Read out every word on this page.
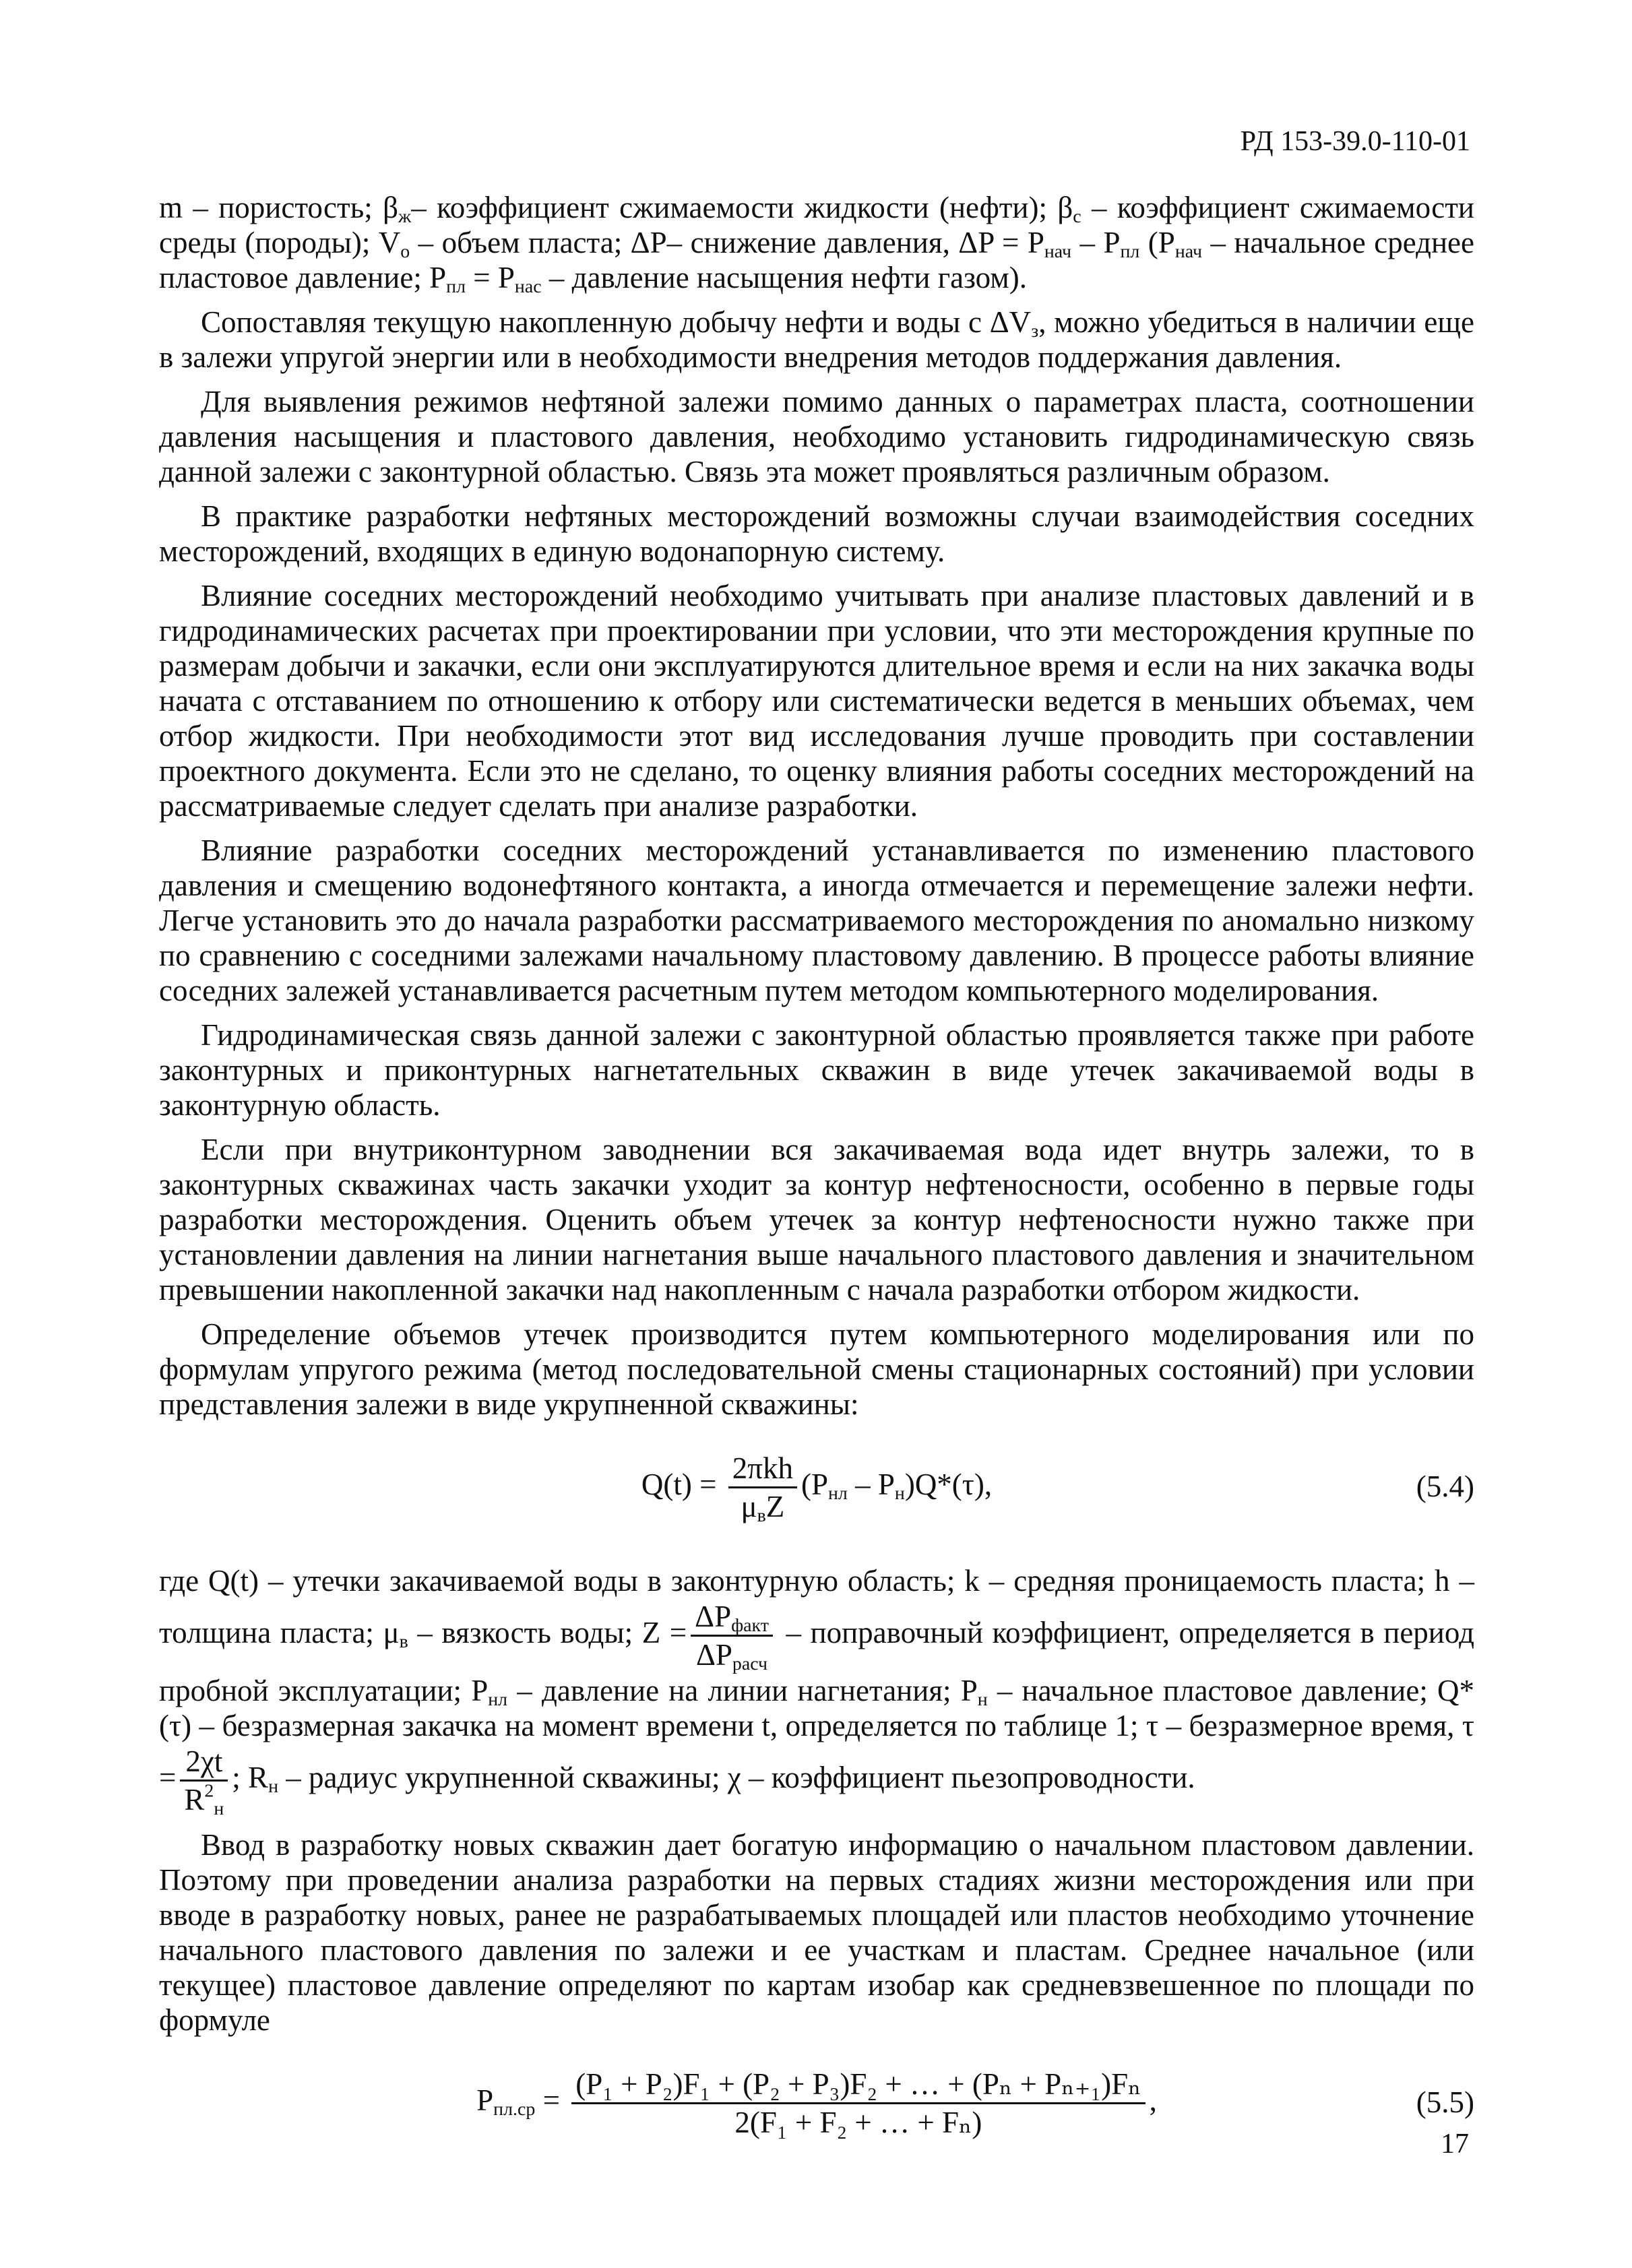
РД 153-39.0-110-01

m – пористость; $\beta_ж-$ коэффициент сжимаемости жидкости (нефти); $\beta_с$ – коэффициент сжимаемости среды (породы); $V_о$ – объем пласта; ΔP– снижение давления, $\Delta P = P_{нач} - P_{пл}$ ($P_{нач}$ – начальное среднее пластовое давление; $P_{пл} = P_{нас}$ – давление насыщения нефти газом).

Сопоставляя текущую накопленную добычу нефти и воды с $\Delta V_з$, можно убедиться в наличии еще в залежи упругой энергии или в необходимости внедрения методов поддержания давления.

Для выявления режимов нефтяной залежи помимо данных о параметрах пласта, соотношении давления насыщения и пластового давления, необходимо установить гидродинамическую связь данной залежи с законтурной областью. Связь эта может проявляться различным образом.

В практике разработки нефтяных месторождений возможны случаи взаимодействия соседних месторождений, входящих в единую водонапорную систему.

Влияние соседних месторождений необходимо учитывать при анализе пластовых давлений и в гидродинамических расчетах при проектировании при условии, что эти месторождения крупные по размерам добычи и закачки, если они эксплуатируются длительное время и если на них закачка воды начата с отставанием по отношению к отбору или систематически ведется в меньших объемах, чем отбор жидкости. При необходимости этот вид исследования лучше проводить при составлении проектного документа. Если это не сделано, то оценку влияния работы соседних месторождений на рассматриваемые следует сделать при анализе разработки.

Влияние разработки соседних месторождений устанавливается по изменению пластового давления и смещению водонефтяного контакта, а иногда отмечается и перемещение залежи нефти. Легче установить это до начала разработки рассматриваемого месторождения по аномально низкому по сравнению с соседними залежами начальному пластовому давлению. В процессе работы влияние соседних залежей устанавливается расчетным путем методом компьютерного моделирования.

Гидродинамическая связь данной залежи с законтурной областью проявляется также при работе законтурных и приконтурных нагнетательных скважин в виде утечек закачиваемой воды в законтурную область.

Если при внутриконтурном заводнении вся закачиваемая вода идет внутрь залежи, то в законтурных скважинах часть закачки уходит за контур нефтеносности, особенно в первые годы разработки месторождения. Оценить объем утечек за контур нефтеносности нужно также при установлении давления на линии нагнетания выше начального пластового давления и значительном превышении накопленной закачки над накопленным с начала разработки отбором жидкости.

Определение объемов утечек производится путем компьютерного моделирования или по формулам упругого режима (метод последовательной смены стационарных состояний) при условии представления залежи в виде укрупненной скважины:

$Q(t) = \frac{\text{2πkh}}{\mu_вZ} (P_{нл} - P_н)Q*(\tau)$,	(5.4)

где Q(t) – утечки закачиваемой воды в законтурную область; k – средняя проницаемость пласта; h – толщина пласта; $\mu_в$ – вязкость воды; $Z = \frac{\Delta P_{факт}}{\Delta P_{расч}}$ – поправочный коэффициент, определяется в период пробной эксплуатации; $P_{нл}$ – давление на линии нагнетания; $P_н$ – начальное пластовое давление; Q*(τ) – безразмерная закачка на момент времени t, определяется по таблице 1; τ – безразмерное время, $\tau = \frac{2\chi t}{R^2_н}$ ; $R_н$ – радиус укрупненной скважины; χ – коэффициент пьезопроводности.

Ввод в разработку новых скважин дает богатую информацию о начальном пластовом давлении. Поэтому при проведении анализа разработки на первых стадиях жизни месторождения или при вводе в разработку новых, ранее не разрабатываемых площадей или пластов необходимо уточнение начального пластового давления по залежи и ее участкам и пластам. Среднее начальное (или текущее) пластовое давление определяют по картам изобар как средневзвешенное по площади по формуле

$P_{пл.ср} = \frac{\text{(P₁ + P₂)F₁ + (P₂ + P₃)F₂ + … + (Pₙ + Pₙ₊₁)Fₙ}}{\text{2(F₁ + F₂ + … + Fₙ)}}$ ,	(5.5)
17
